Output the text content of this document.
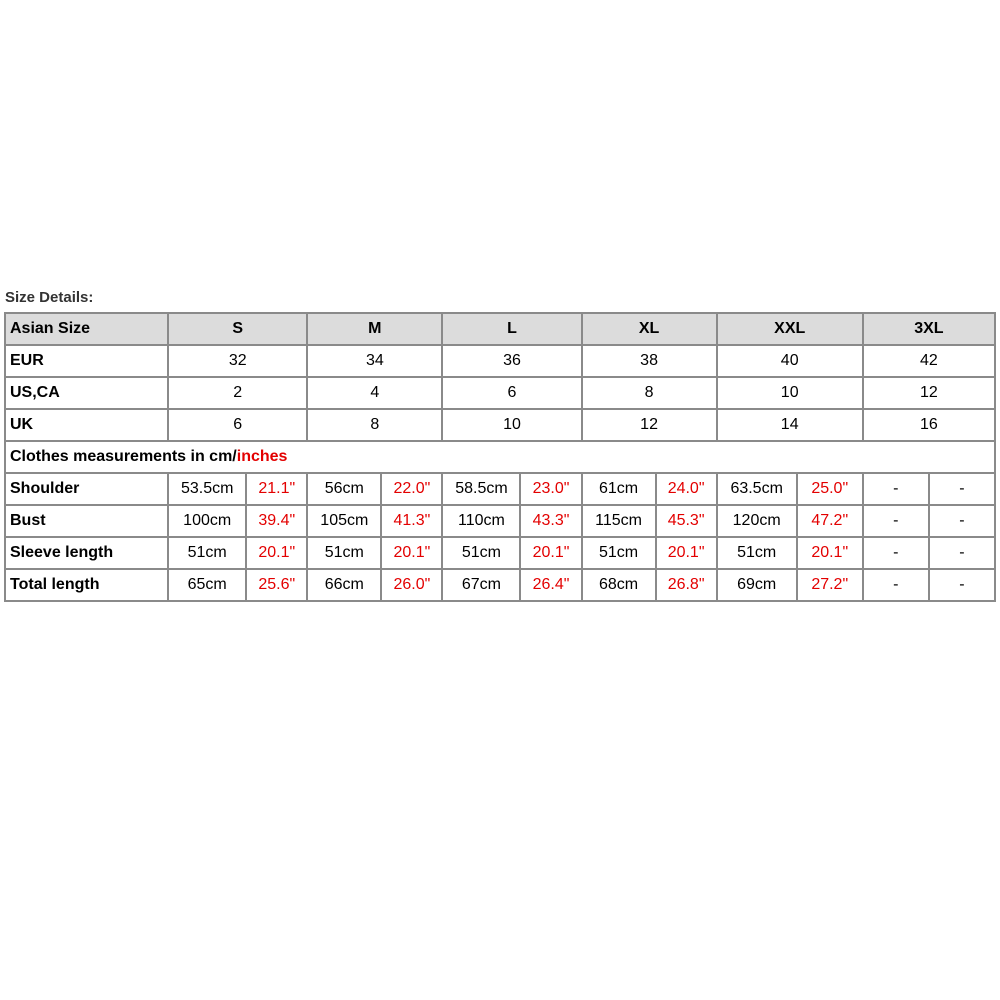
Size Details:
Asian Size	S		M		L		XL		XXL		3XL	
EUR	32		34		36		38		40		42	
US,CA	2		4		6		8		10		12	
UK	6		8		10		12		14		16	
Clothes measurements in cm/inches												
Shoulder	53.5cm	21.1"	56cm	22.0"	58.5cm	23.0"	61cm	24.0"	63.5cm	25.0"	-	-
Bust	100cm	39.4"	105cm	41.3"	110cm	43.3"	115cm	45.3"	120cm	47.2"	-	-
Sleeve length	51cm	20.1"	51cm	20.1"	51cm	20.1"	51cm	20.1"	51cm	20.1"	-	-
Total length	65cm	25.6"	66cm	26.0"	67cm	26.4"	68cm	26.8"	69cm	27.2"	-	-
